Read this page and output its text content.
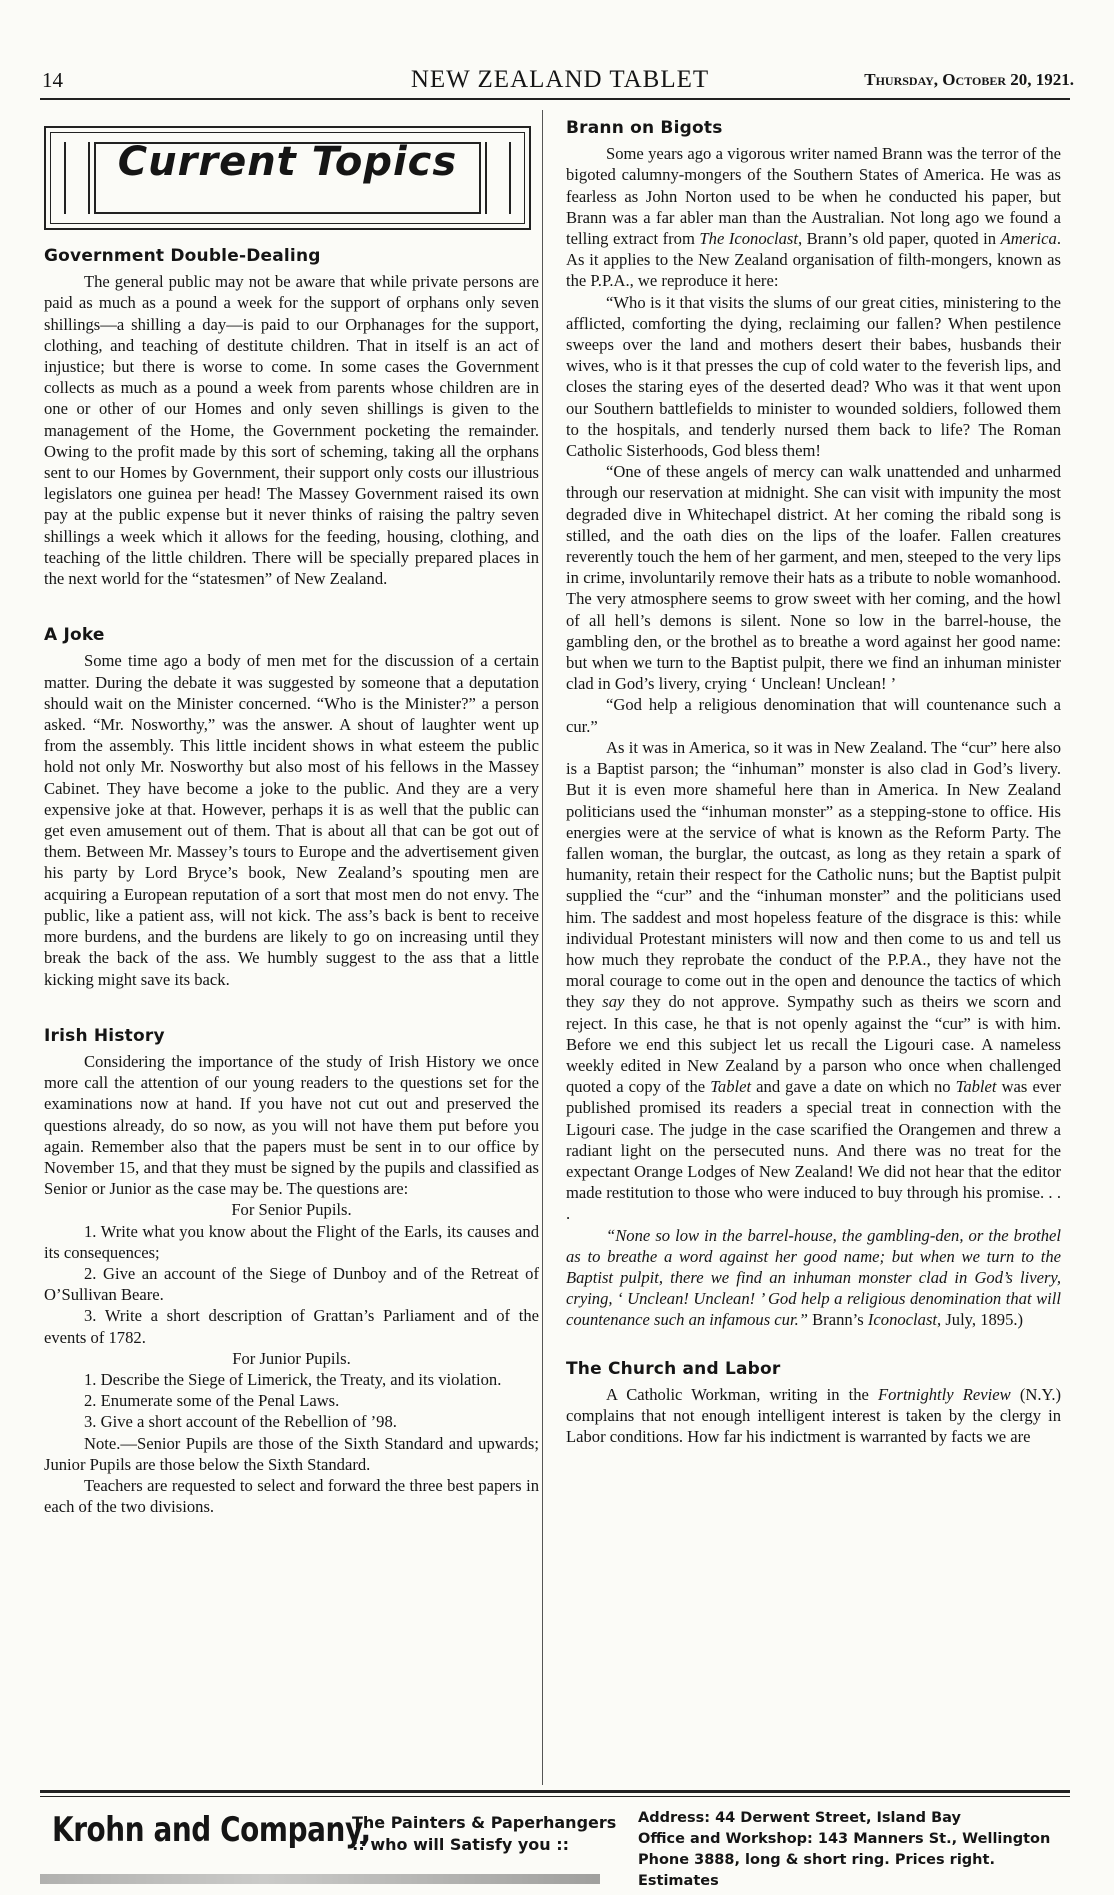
14	NEW ZEALAND TABLET	Thursday, October 20, 1921.
Current Topics
Government Double-Dealing

The general public may not be aware that while private persons are paid as much as a pound a week for the support of orphans only seven shillings—a shilling a day—is paid to our Orphanages for the support, clothing, and teaching of destitute children. That in itself is an act of injustice; but there is worse to come. In some cases the Government collects as much as a pound a week from parents whose children are in one or other of our Homes and only seven shillings is given to the management of the Home, the Government pocketing the remainder. Owing to the profit made by this sort of scheming, taking all the orphans sent to our Homes by Government, their support only costs our illustrious legislators one guinea per head! The Massey Government raised its own pay at the public expense but it never thinks of raising the paltry seven shillings a week which it allows for the feeding, housing, clothing, and teaching of the little children. There will be specially prepared places in the next world for the “statesmen” of New Zealand.

A Joke

Some time ago a body of men met for the discussion of a certain matter. During the debate it was suggested by someone that a deputation should wait on the Minister concerned. “Who is the Minister?” a person asked. “Mr. Nosworthy,” was the answer. A shout of laughter went up from the assembly. This little incident shows in what esteem the public hold not only Mr. Nosworthy but also most of his fellows in the Massey Cabinet. They have become a joke to the public. And they are a very expensive joke at that. However, perhaps it is as well that the public can get even amusement out of them. That is about all that can be got out of them. Between Mr. Massey’s tours to Europe and the advertisement given his party by Lord Bryce’s book, New Zealand’s spouting men are acquiring a European reputation of a sort that most men do not envy. The public, like a patient ass, will not kick. The ass’s back is bent to receive more burdens, and the burdens are likely to go on increasing until they break the back of the ass. We humbly suggest to the ass that a little kicking might save its back.

Irish History

Considering the importance of the study of Irish History we once more call the attention of our young readers to the questions set for the examinations now at hand. If you have not cut out and preserved the questions already, do so now, as you will not have them put before you again. Remember also that the papers must be sent in to our office by November 15, and that they must be signed by the pupils and classified as Senior or Junior as the case may be. The questions are:

For Senior Pupils.

1. Write what you know about the Flight of the Earls, its causes and its consequences;

2. Give an account of the Siege of Dunboy and of the Retreat of O’Sullivan Beare.

3. Write a short description of Grattan’s Parliament and of the events of 1782.

For Junior Pupils.

1. Describe the Siege of Limerick, the Treaty, and its violation.

2. Enumerate some of the Penal Laws.

3. Give a short account of the Rebellion of ’98.

Note.—Senior Pupils are those of the Sixth Standard and upwards; Junior Pupils are those below the Sixth Standard.

Teachers are requested to select and forward the three best papers in each of the two divisions.

Brann on Bigots

Some years ago a vigorous writer named Brann was the terror of the bigoted calumny-mongers of the Southern States of America. He was as fearless as John Norton used to be when he conducted his paper, but Brann was a far abler man than the Australian. Not long ago we found a telling extract from The Iconoclast, Brann’s old paper, quoted in America. As it applies to the New Zealand organisation of filth-mongers, known as the P.P.A., we reproduce it here:

“Who is it that visits the slums of our great cities, ministering to the afflicted, comforting the dying, reclaiming our fallen? When pestilence sweeps over the land and mothers desert their babes, husbands their wives, who is it that presses the cup of cold water to the feverish lips, and closes the staring eyes of the deserted dead? Who was it that went upon our Southern battlefields to minister to wounded soldiers, followed them to the hospitals, and tenderly nursed them back to life? The Roman Catholic Sisterhoods, God bless them!

“One of these angels of mercy can walk unattended and unharmed through our reservation at midnight. She can visit with impunity the most degraded dive in Whitechapel district. At her coming the ribald song is stilled, and the oath dies on the lips of the loafer. Fallen creatures reverently touch the hem of her garment, and men, steeped to the very lips in crime, involuntarily remove their hats as a tribute to noble womanhood. The very atmosphere seems to grow sweet with her coming, and the howl of all hell’s demons is silent. None so low in the barrel-house, the gambling den, or the brothel as to breathe a word against her good name: but when we turn to the Baptist pulpit, there we find an inhuman minister clad in God’s livery, crying ‘ Unclean! Unclean! ’

“God help a religious denomination that will countenance such a cur.”

As it was in America, so it was in New Zealand. The “cur” here also is a Baptist parson; the “inhuman” monster is also clad in God’s livery. But it is even more shameful here than in America. In New Zealand politicians used the “inhuman monster” as a stepping-stone to office. His energies were at the service of what is known as the Reform Party. The fallen woman, the burglar, the outcast, as long as they retain a spark of humanity, retain their respect for the Catholic nuns; but the Baptist pulpit supplied the “cur” and the “inhuman monster” and the politicians used him. The saddest and most hopeless feature of the disgrace is this: while individual Protestant ministers will now and then come to us and tell us how much they reprobate the conduct of the P.P.A., they have not the moral courage to come out in the open and denounce the tactics of which they say they do not approve. Sympathy such as theirs we scorn and reject. In this case, he that is not openly against the “cur” is with him. Before we end this subject let us recall the Ligouri case. A nameless weekly edited in New Zealand by a parson who once when challenged quoted a copy of the Tablet and gave a date on which no Tablet was ever published promised its readers a special treat in connection with the Ligouri case. The judge in the case scarified the Orangemen and threw a radiant light on the persecuted nuns. And there was no treat for the expectant Orange Lodges of New Zealand! We did not hear that the editor made restitution to those who were induced to buy through his promise. . . .

“None so low in the barrel-house, the gambling-den, or the brothel as to breathe a word against her good name; but when we turn to the Baptist pulpit, there we find an inhuman monster clad in God’s livery, crying, ‘ Unclean! Unclean! ’ God help a religious denomination that will countenance such an infamous cur.” Brann’s Iconoclast, July, 1895.)

The Church and Labor

A Catholic Workman, writing in the Fortnightly Review (N.Y.) complains that not enough intelligent interest is taken by the clergy in Labor conditions. How far his indictment is warranted by facts we are

Krohn and Company,
The Painters & Paperhangers
:: who will Satisfy you ::
Address: 44 Derwent Street, Island Bay
Office and Workshop: 143 Manners St., Wellington
Phone 3888, long & short ring. Prices right. Estimates
